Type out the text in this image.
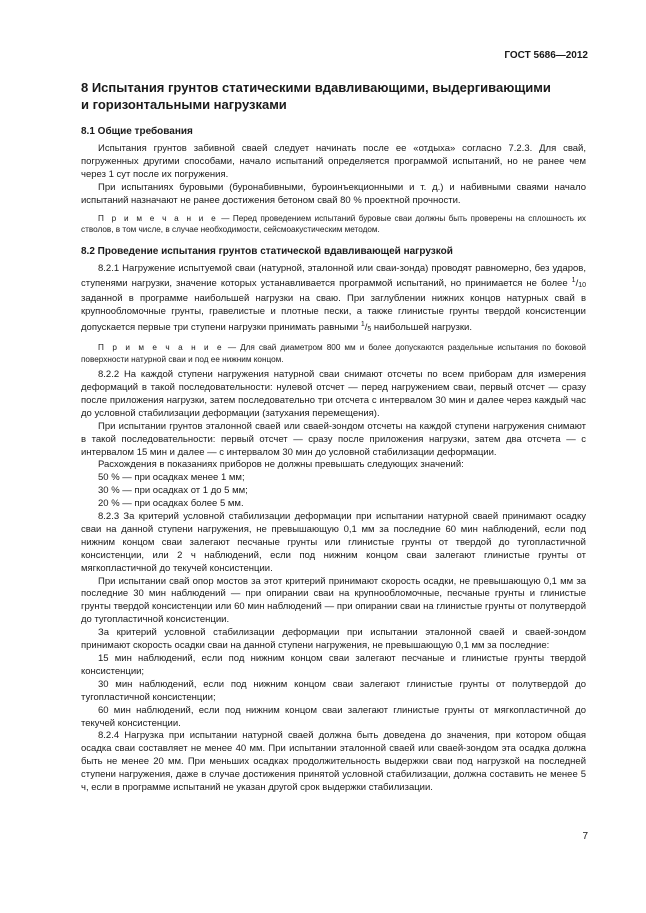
ГОСТ 5686—2012
8 Испытания грунтов статическими вдавливающими, выдергивающими
и горизонтальными нагрузками
8.1 Общие требования

Испытания грунтов забивной сваей следует начинать после ее «отдыха» согласно 7.2.3. Для свай, погруженных другими способами, начало испытаний определяется программой испытаний, но не ранее чем через 1 сут после их погружения.

При испытаниях буровыми (буронабивными, буроинъекционными и т. д.) и набивными сваями начало испытаний назначают не ранее достижения бетоном свай 80 % проектной прочности.

П р и м е ч а н и е — Перед проведением испытаний буровые сваи должны быть проверены на сплошность их стволов, в том числе, в случае необходимости, сейсмоакустическим методом.
8.2 Проведение испытания грунтов статической вдавливающей нагрузкой

8.2.1 Нагружение испытуемой сваи (натурной, эталонной или сваи-зонда) проводят равномерно, без ударов, ступенями нагрузки, значение которых устанавливается программой испытаний, но принимается не более $^1/_{10}$ заданной в программе наибольшей нагрузки на сваю. При заглублении нижних концов натурных свай в крупнообломочные грунты, гравелистые и плотные пески, а также глинистые грунты твердой консистенции допускается первые три ступени нагрузки принимать равными $^1/_5$ наибольшей нагрузки.

П р и м е ч а н и е — Для свай диаметром 800 мм и более допускаются раздельные испытания по боковой поверхности натурной сваи и под ее нижним концом.

8.2.2 На каждой ступени нагружения натурной сваи снимают отсчеты по всем приборам для измерения деформаций в такой последовательности: нулевой отсчет — перед нагружением сваи, первый отсчет — сразу после приложения нагрузки, затем последовательно три отсчета с интервалом 30 мин и далее через каждый час до условной стабилизации деформации (затухания перемещения).

При испытании грунтов эталонной сваей или сваей-зондом отсчеты на каждой ступени нагружения снимают в такой последовательности: первый отсчет — сразу после приложения нагрузки, затем два отсчета — с интервалом 15 мин и далее — с интервалом 30 мин до условной стабилизации деформации.

Расхождения в показаниях приборов не должны превышать следующих значений:

50 % — при осадках менее 1 мм;

30 % — при осадках от 1 до 5 мм;

20 % — при осадках более 5 мм.

8.2.3 За критерий условной стабилизации деформации при испытании натурной сваей принимают осадку сваи на данной ступени нагружения, не превышающую 0,1 мм за последние 60 мин наблюдений, если под нижним концом сваи залегают песчаные грунты или глинистые грунты от твердой до тугопластичной консистенции, или 2 ч наблюдений, если под нижним концом сваи залегают глинистые грунты от мягкопластичной до текучей консистенции.

При испытании свай опор мостов за этот критерий принимают скорость осадки, не превышающую 0,1 мм за последние 30 мин наблюдений — при опирании сваи на крупнообломочные, песчаные грунты и глинистые грунты твердой консистенции или 60 мин наблюдений — при опирании сваи на глинистые грунты от полутвердой до тугопластичной консистенции.

За критерий условной стабилизации деформации при испытании эталонной сваей и сваей-зондом принимают скорость осадки сваи на данной ступени нагружения, не превышающую 0,1 мм за последние:

15 мин наблюдений, если под нижним концом сваи залегают песчаные и глинистые грунты твердой консистенции;

30 мин наблюдений, если под нижним концом сваи залегают глинистые грунты от полутвердой до тугопластичной консистенции;

60 мин наблюдений, если под нижним концом сваи залегают глинистые грунты от мягкопластичной до текучей консистенции.

8.2.4 Нагрузка при испытании натурной сваей должна быть доведена до значения, при котором общая осадка сваи составляет не менее 40 мм. При испытании эталонной сваей или сваей-зондом эта осадка должна быть не менее 20 мм. При меньших осадках продолжительность выдержки сваи под нагрузкой на последней ступени нагружения, даже в случае достижения принятой условной стабилизации, должна составить не менее 5 ч, если в программе испытаний не указан другой срок выдержки стабилизации.

7
